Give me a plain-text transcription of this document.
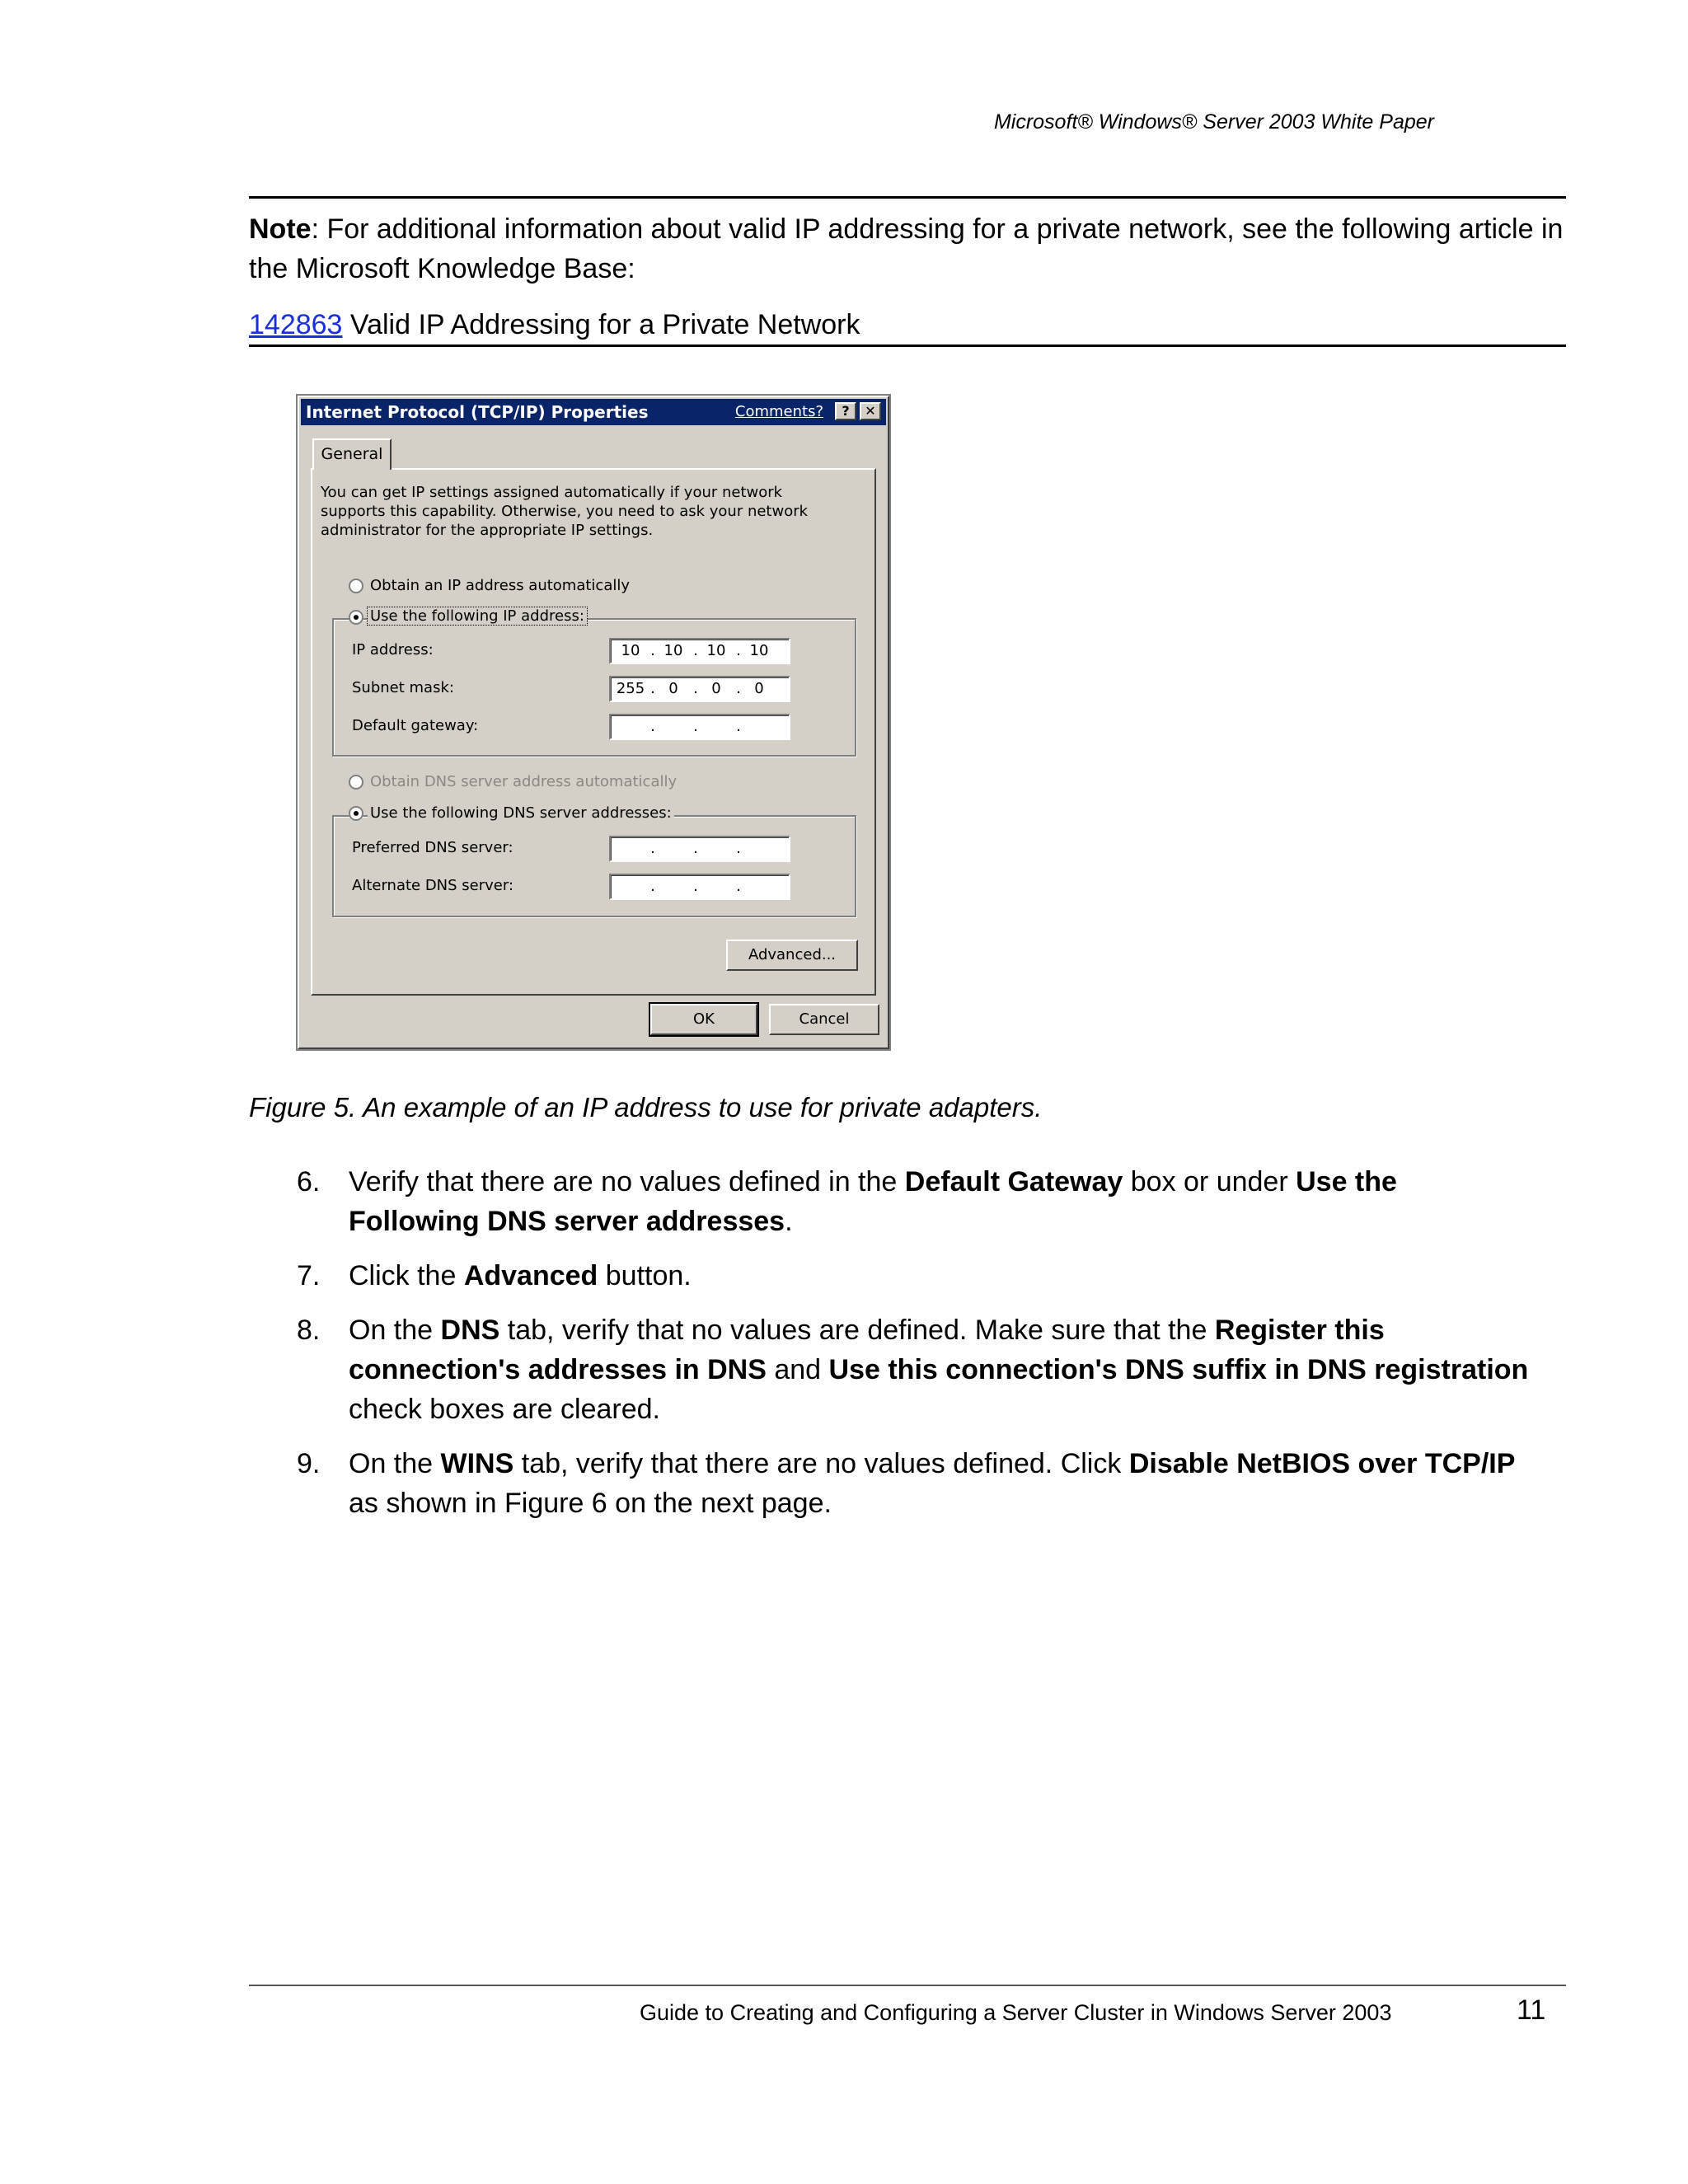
Microsoft® Windows® Server 2003 White Paper
Note: For additional information about valid IP addressing for a private network, see the following article in the Microsoft Knowledge Base:
142863 Valid IP Addressing for a Private Network
Internet Protocol (TCP/IP) Properties	Comments?	?	✕
General
You can get IP settings assigned automatically if your network supports this capability. Otherwise, you need to ask your network administrator for the appropriate IP settings.
Obtain an IP address automatically
Use the following IP address:
IP address:	10 . 10 . 10 . 10
Subnet mask:	255 . 0	. 0	. 0
Default gateway:	.	.	.
Obtain DNS server address automatically
Use the following DNS server addresses:
Preferred DNS server:	.	.	.
Alternate DNS server:	.	.	.
Advanced...
OK	Cancel
Figure 5. An example of an IP address to use for private adapters.
6. Verify that there are no values defined in the Default Gateway box or under Use the Following DNS server addresses.
7. Click the Advanced button.
8. On the DNS tab, verify that no values are defined. Make sure that the Register this connection's addresses in DNS and Use this connection's DNS suffix in DNS registration check boxes are cleared.
9. On the WINS tab, verify that there are no values defined. Click Disable NetBIOS over TCP/IP as shown in Figure 6 on the next page.
Guide to Creating and Configuring a Server Cluster in Windows Server 2003	11
